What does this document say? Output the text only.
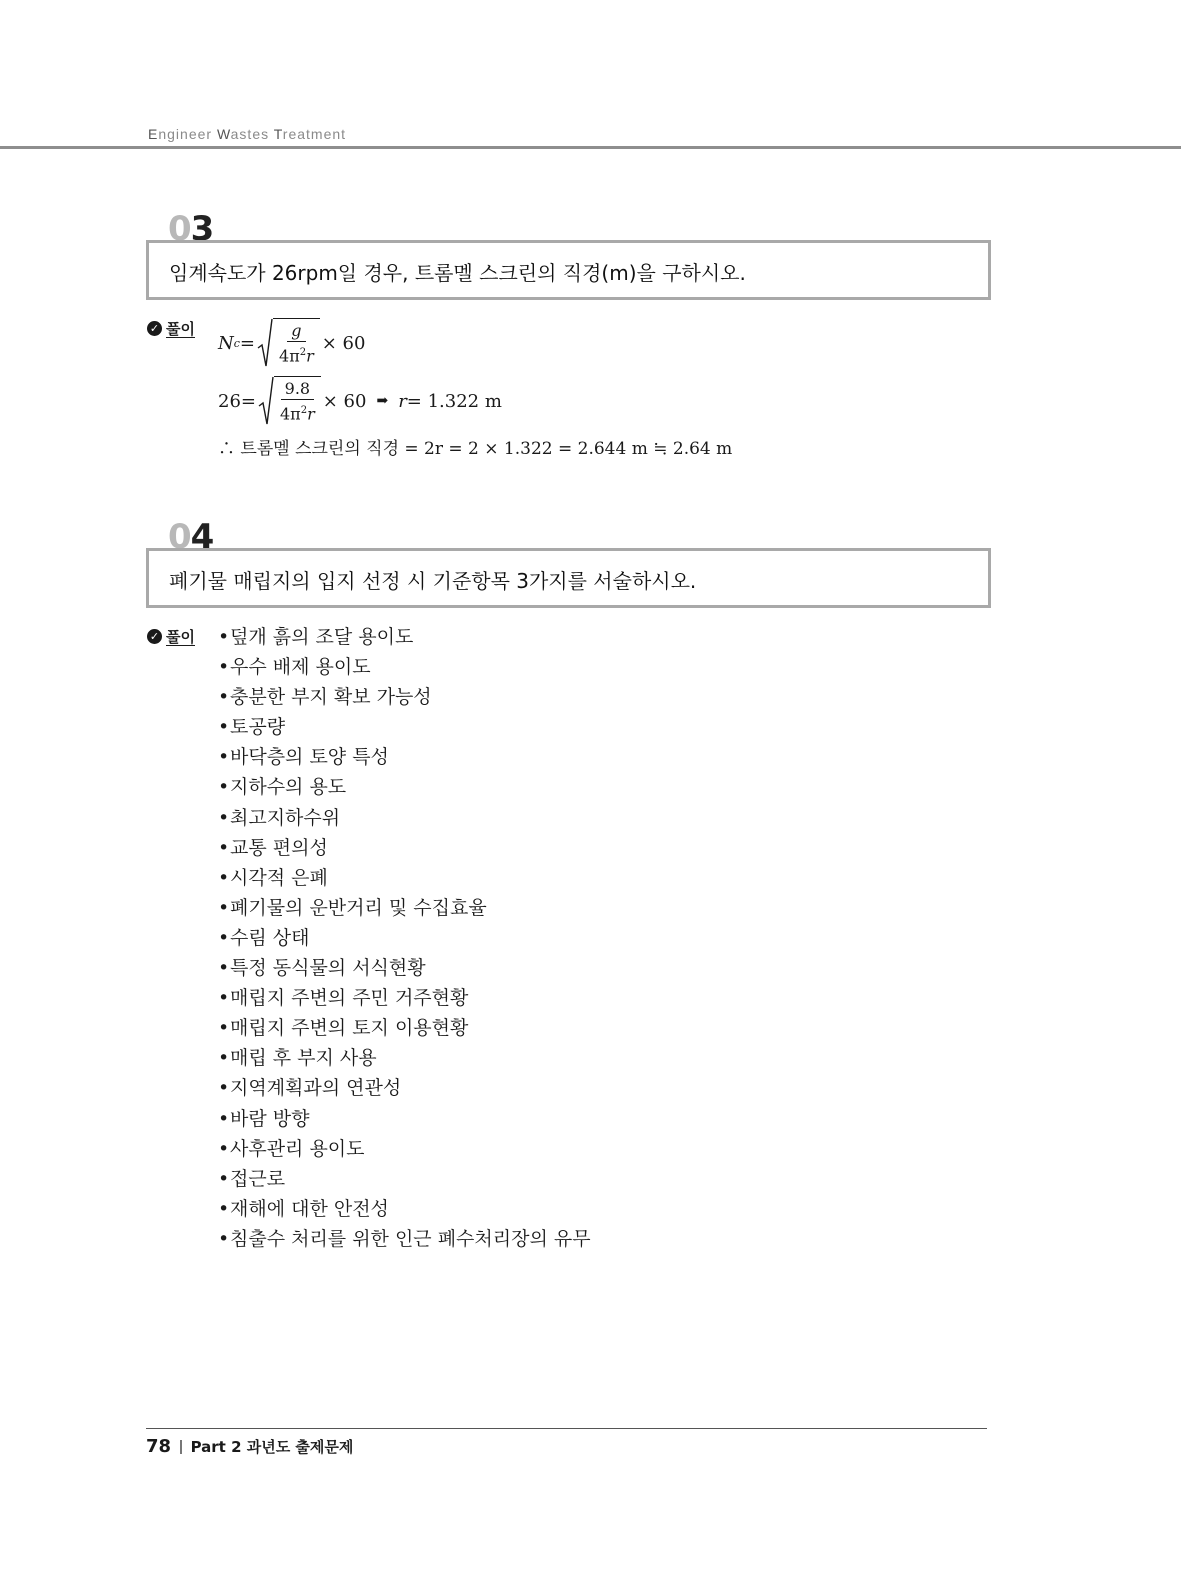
Engineer Wastes Treatment
03
임계속도가 26rpm일 경우, 트롬멜 스크린의 직경(m)을 구하시오.
✓ 풀이
N $c = \frac{g}{4\pi^2r} \times 60$
$26 = \frac{9.8}{4\pi^2r} \times 60$ ➡ r = 1.322 m
∴ 트롬멜 스크린의 직경 = 2r = 2 × 1.322 = 2.644 m ≒ 2.64 m
04
폐기물 매립지의 입지 선정 시 기준항목 3가지를 서술하시오.
✓ 풀이 •덮개 흙의 조달 용이도
•우수 배제 용이도
•충분한 부지 확보 가능성
•토공량
•바닥층의 토양 특성
•지하수의 용도
•최고지하수위
•교통 편의성
•시각적 은폐
•폐기물의 운반거리 및 수집효율
•수림 상태
•특정 동식물의 서식현황
•매립지 주변의 주민 거주현황
•매립지 주변의 토지 이용현황
•매립 후 부지 사용
•지역계획과의 연관성
•바람 방향
•사후관리 용이도
•접근로
•재해에 대한 안전성
•침출수 처리를 위한 인근 폐수처리장의 유무
78 Part 2 과년도 출제문제
